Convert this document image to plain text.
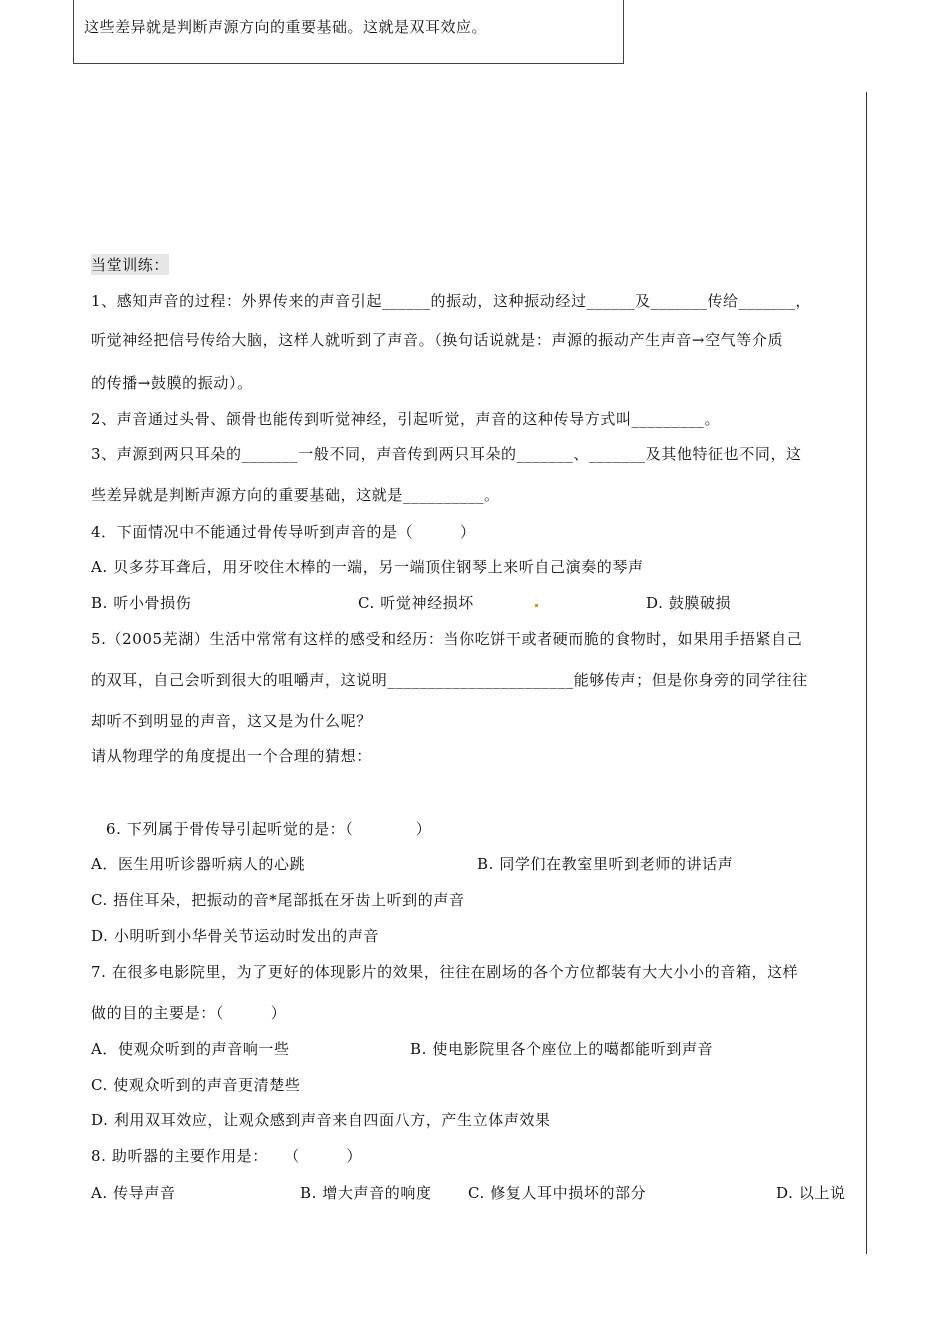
这些差异就是判断声源方向的重要基础。这就是双耳效应。
当堂训练：
1、感知声音的过程：外界传来的声音引起______的振动，这种振动经过______及_______传给_______，
听觉神经把信号传给大脑，这样人就听到了声音。（换句话说就是：声源的振动产生声音→空气等介质
的传播→鼓膜的振动）。
2、声音通过头骨、颌骨也能传到听觉神经，引起听觉，声音的这种传导方式叫_________。
3、声源到两只耳朵的_______一般不同，声音传到两只耳朵的_______、_______及其他特征也不同，这
些差异就是判断声源方向的重要基础，这就是__________。
4．下面情况中不能通过骨传导听到声音的是（　　　）
A. 贝多芬耳聋后，用牙咬住木棒的一端，另一端顶住钢琴上来听自己演奏的琴声
B. 听小骨损伤	C. 听觉神经损坏	D. 鼓膜破损
5.（2005芜湖）生活中常常有这样的感受和经历：当你吃饼干或者硬而脆的食物时，如果用手捂紧自己
的双耳，自己会听到很大的咀嚼声，这说明_______________________能够传声；但是你身旁的同学往往
却听不到明显的声音，这又是为什么呢？
请从物理学的角度提出一个合理的猜想：
6. 下列属于骨传导引起听觉的是：（　　　　）
A．医生用听诊器听病人的心跳	B. 同学们在教室里听到老师的讲话声
C. 捂住耳朵，把振动的音*尾部抵在牙齿上听到的声音
D. 小明听到小华骨关节运动时发出的声音
7. 在很多电影院里，为了更好的体现影片的效果，往往在剧场的各个方位都装有大大小小的音箱，这样
做的目的主要是：（　　　）
A．使观众听到的声音响一些	B. 使电影院里各个座位上的噶都能听到声音
C. 使观众听到的声音更清楚些
D. 利用双耳效应，让观众感到声音来自四面八方，产生立体声效果
8. 助听器的主要作用是：　　（　　　）
A. 传导声音	B. 增大声音的响度 C. 修复人耳中损坏的部分	D. 以上说
